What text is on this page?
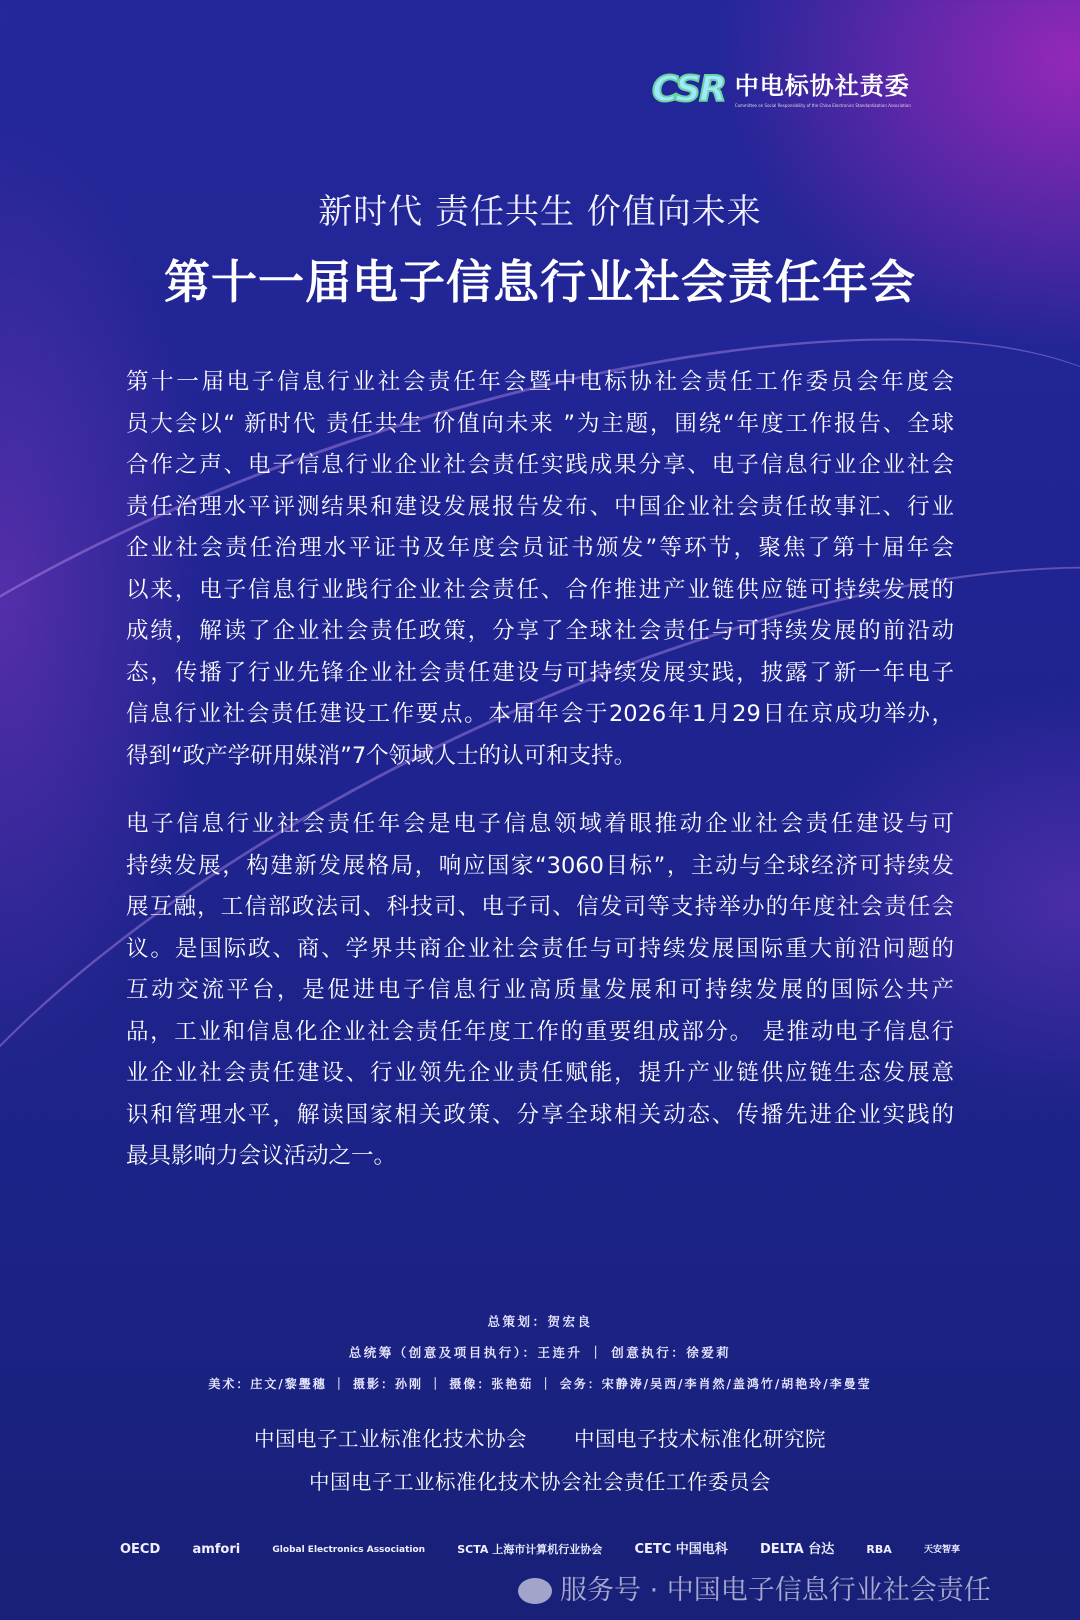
CSR 中电标协社责委
Committee on Social Responsibility of the China Electronics Standardization Association
新时代 责任共生 价值向未来
第十一届电子信息行业社会责任年会
第十一届电子信息行业社会责任年会暨中电标协社会责任工作委员会年度会
员大会以“ 新时代 责任共生 价值向未来 ”为主题，围绕“年度工作报告、全球
合作之声、电子信息行业企业社会责任实践成果分享、电子信息行业企业社会
责任治理水平评测结果和建设发展报告发布、中国企业社会责任故事汇、行业
企业社会责任治理水平证书及年度会员证书颁发”等环节，聚焦了第十届年会
以来，电子信息行业践行企业社会责任、合作推进产业链供应链可持续发展的
成绩，解读了企业社会责任政策，分享了全球社会责任与可持续发展的前沿动
态，传播了行业先锋企业社会责任建设与可持续发展实践，披露了新一年电子
信息行业社会责任建设工作要点。本届年会于2026年1月29日在京成功举办，
得到“政产学研用媒消”7个领域人士的认可和支持。
电子信息行业社会责任年会是电子信息领域着眼推动企业社会责任建设与可
持续发展，构建新发展格局，响应国家“3060目标”，主动与全球经济可持续发
展互融，工信部政法司、科技司、电子司、信发司等支持举办的年度社会责任会
议。是国际政、商、学界共商企业社会责任与可持续发展国际重大前沿问题的
互动交流平台，是促进电子信息行业高质量发展和可持续发展的国际公共产
品，工业和信息化企业社会责任年度工作的重要组成部分。 是推动电子信息行
业企业社会责任建设、行业领先企业责任赋能，提升产业链供应链生态发展意
识和管理水平，解读国家相关政策、分享全球相关动态、传播先进企业实践的
最具影响力会议活动之一。
总策划：贺宏良
总统筹（创意及项目执行）：王连升 ｜ 创意执行：徐爱莉
美术：庄文/黎璺穗 ｜ 摄影：孙刚 ｜ 摄像：张艳茹 ｜ 会务：宋静涛/吴西/李肖然/盖鸿竹/胡艳玲/李曼莹
中国电子工业标准化技术协会 中国电子技术标准化研究院
中国电子工业标准化技术协会社会责任工作委员会
OECD amfori	Global Electronics Association	SCTA 上海市计算机行业协会 CETC 中国电科 DELTA 台达	RBA	天安智享
服务号 · 中国电子信息行业社会责任
